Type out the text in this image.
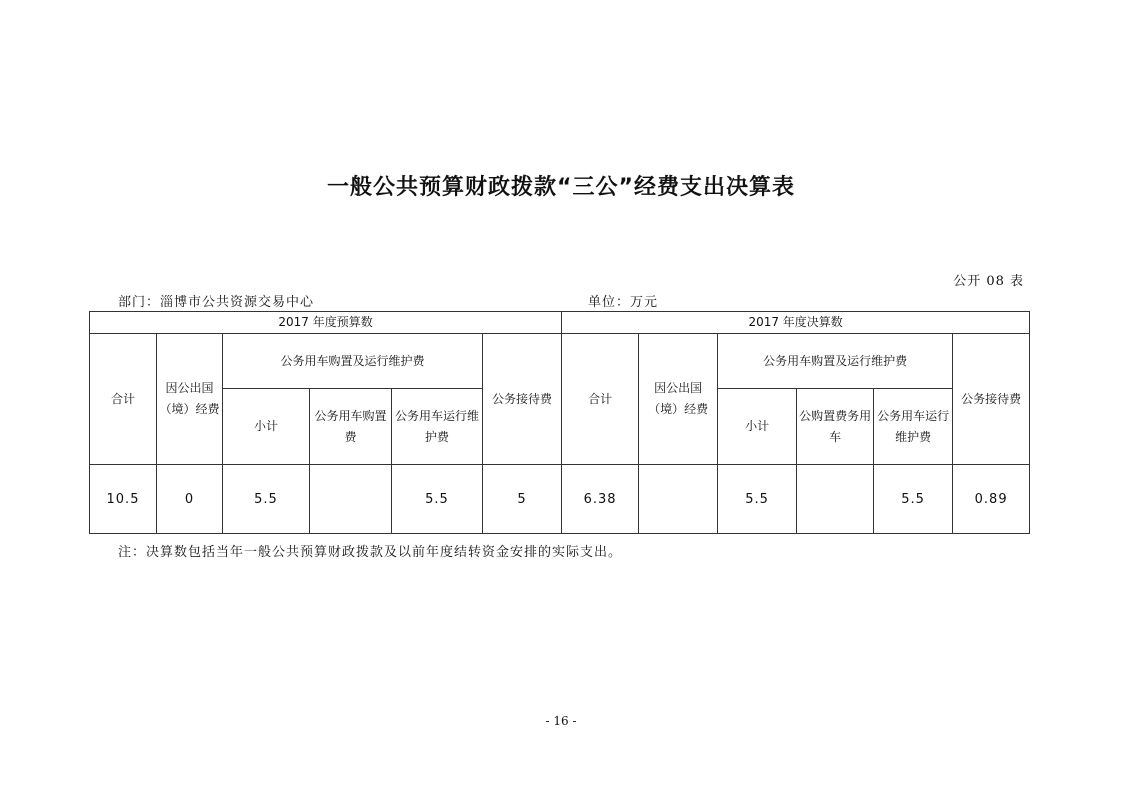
一般公共预算财政拨款“三公”经费支出决算表
公开 08 表
部门：淄博市公共资源交易中心	单位：万元
2017 年度预算数						2017 年度决算数					
合计	因公出国（境）经费	公务用车购置及运行维护费			公务接待费	合计	因公出国（境）经费	公务用车购置及运行维护费			公务接待费
		小计	公务用车购置费	公务用车运行维护费				小计	公购置费务用车	公务用车运行维护费	
10.5	0	5.5		5.5	5	6.38		5.5		5.5	0.89
注：决算数包括当年一般公共预算财政拨款及以前年度结转资金安排的实际支出。
- 16 -
